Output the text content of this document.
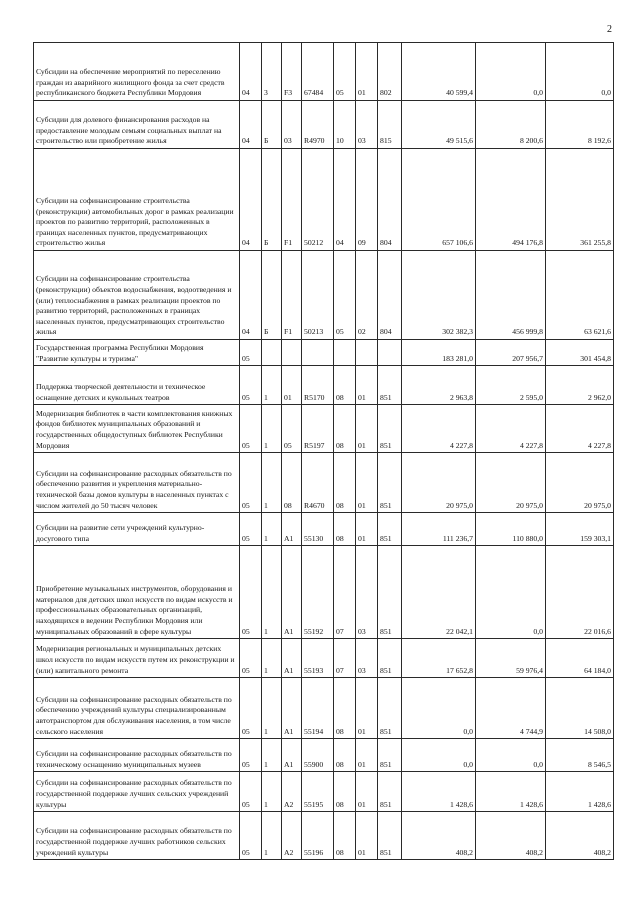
2
Субсидии на обеспечение мероприятий по переселению граждан из аварийного жилищного фонда за счет средств республиканского бюджета Республики Мордовия	04	3	F3	67484	05	01	802	40 599,4	0,0	0,0
Субсидии для долевого финансирования расходов на предоставление молодым семьям социальных выплат на строительство или приобретение жилья	04	Б	03	R4970	10	03	815	49 515,6	8 200,6	8 192,6
Субсидии на софинансирование строительства (реконструкции) автомобильных дорог в рамках реализации проектов по развитию территорий, расположенных в границах населенных пунктов, предусматривающих строительство жилья	04	Б	F1	50212	04	09	804	657 106,6	494 176,8	361 255,8
Субсидии на софинансирование строительства (реконструкции) объектов водоснабжения, водоотведения и (или) теплоснабжения в рамках реализации проектов по развитию территорий, расположенных в границах населенных пунктов, предусматривающих строительство жилья	04	Б	F1	50213	05	02	804	302 382,3	456 999,8	63 621,6
Государственная программа Республики Мордовия "Развитие культуры и туризма"	05							183 281,0	207 956,7	301 454,8
Поддержка творческой деятельности и техническое оснащение детских и кукольных театров	05	1	01	R5170	08	01	851	2 963,8	2 595,0	2 962,0
Модернизация библиотек в части комплектования книжных фондов библиотек муниципальных образований и государственных общедоступных библиотек Республики Мордовия	05	1	05	R5197	08	01	851	4 227,8	4 227,8	4 227,8
Субсидии на софинансирование расходных обязательств по обеспечению развития и укрепления материально-технической базы домов культуры в населенных пунктах с числом жителей до 50 тысяч человек	05	1	08	R4670	08	01	851	20 975,0	20 975,0	20 975,0
Субсидии на развитие сети учреждений культурно-досугового типа	05	1	A1	55130	08	01	851	111 236,7	110 880,0	159 303,1
Приобретение музыкальных инструментов, оборудования и материалов для детских школ искусств по видам искусств и профессиональных образовательных организаций, находящихся в ведении Республики Мордовия или муниципальных образований в сфере культуры	05	1	A1	55192	07	03	851	22 042,1	0,0	22 016,6
Модернизация региональных и муниципальных детских школ искусств по видам искусств путем их реконструкции и (или) капитального ремонта	05	1	A1	55193	07	03	851	17 652,8	59 976,4	64 184,0
Субсидии на софинансирование расходных обязательств по обеспечению учреждений культуры специализированным автотранспортом для обслуживания населения, в том числе сельского населения	05	1	A1	55194	08	01	851	0,0	4 744,9	14 508,0
Субсидии на софинансирование расходных обязательств по техническому оснащению муниципальных музеев	05	1	A1	55900	08	01	851	0,0	0,0	8 546,5
Субсидии на софинансирование расходных обязательств по государственной поддержке лучших сельских учреждений культуры	05	1	A2	55195	08	01	851	1 428,6	1 428,6	1 428,6
Субсидии на софинансирование расходных обязательств по государственной поддержке лучших работников сельских учреждений культуры	05	1	A2	55196	08	01	851	408,2	408,2	408,2
